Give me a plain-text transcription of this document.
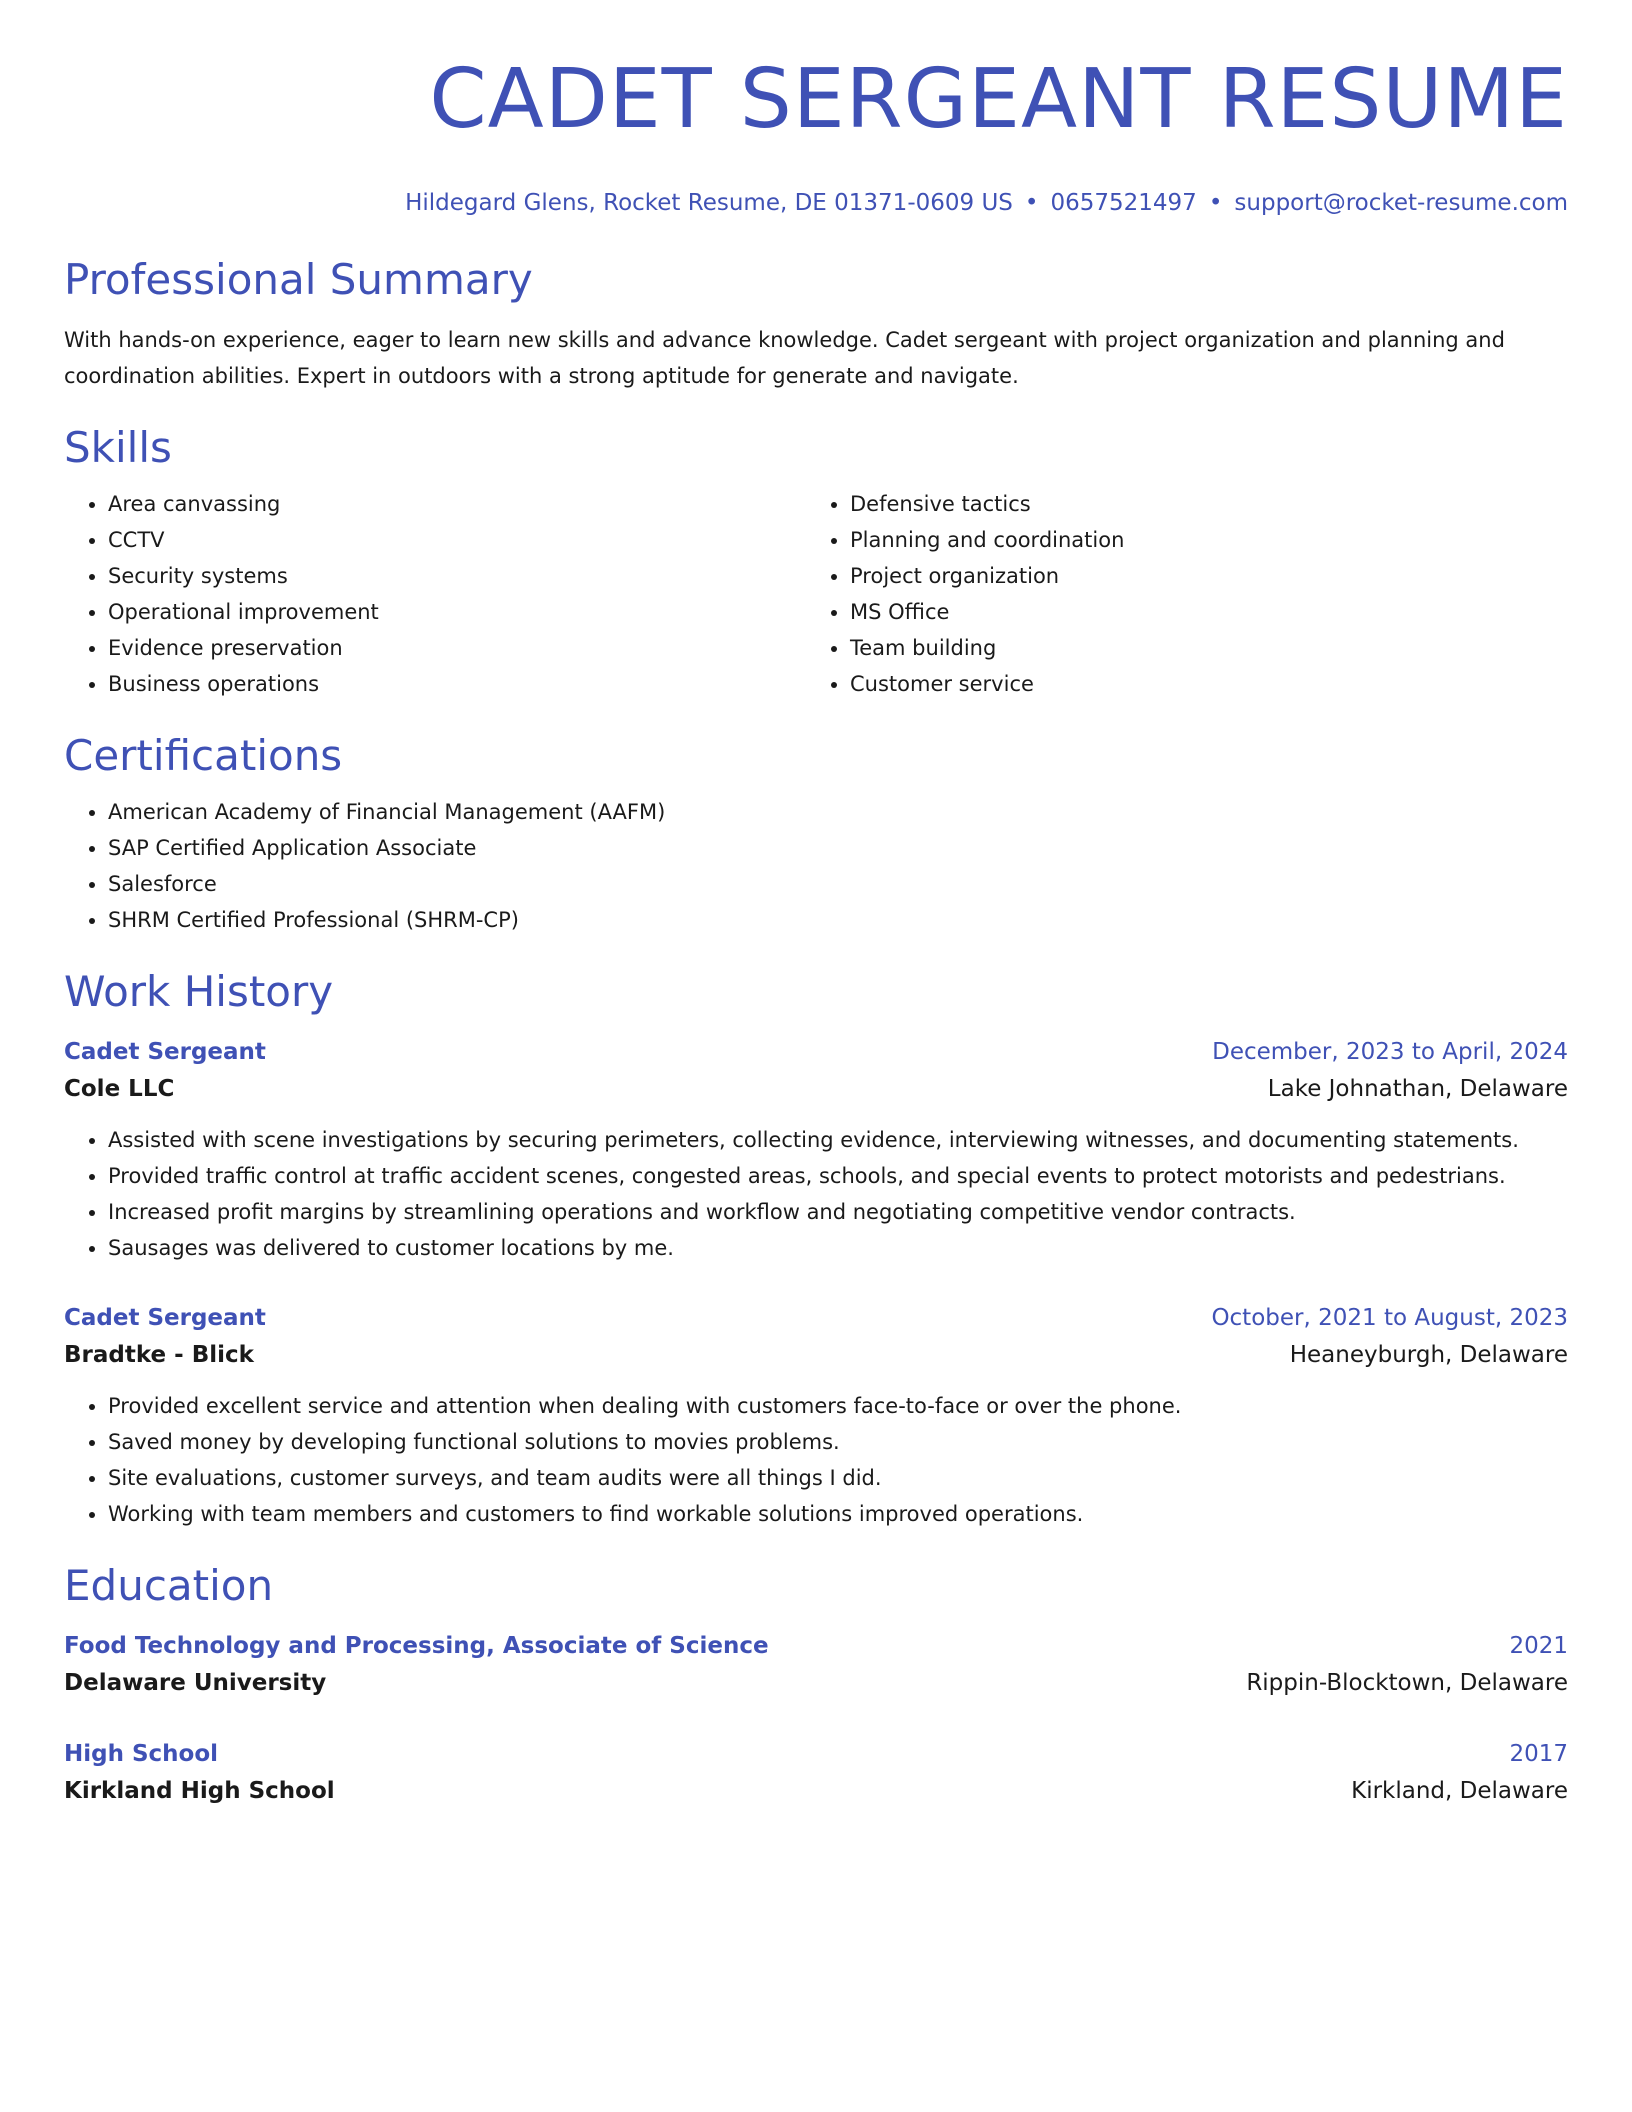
CADET SERGEANT RESUME
Hildegard Glens, Rocket Resume, DE 01371-0609 US • 0657521497 • support@rocket-resume.com
Professional Summary

With hands-on experience, eager to learn new skills and advance knowledge. Cadet sergeant with project organization and planning and coordination abilities. Expert in outdoors with a strong aptitude for generate and navigate.

Skills
• Area canvassing
• CCTV
• Security systems
• Operational improvement
• Evidence preservation
• Business operations
• Defensive tactics
• Planning and coordination
• Project organization
• MS Office
• Team building
• Customer service
Certifications
• American Academy of Financial Management (AAFM)
• SAP Certified Application Associate
• Salesforce
• SHRM Certified Professional (SHRM-CP)
Work History
Cadet Sergeant	December, 2023 to April, 2024
Cole LLC	Lake Johnathan, Delaware
• Assisted with scene investigations by securing perimeters, collecting evidence, interviewing witnesses, and documenting statements.
• Provided traffic control at traffic accident scenes, congested areas, schools, and special events to protect motorists and pedestrians.
• Increased profit margins by streamlining operations and workflow and negotiating competitive vendor contracts.
• Sausages was delivered to customer locations by me.
Cadet Sergeant	October, 2021 to August, 2023
Bradtke - Blick	Heaneyburgh, Delaware
• Provided excellent service and attention when dealing with customers face-to-face or over the phone.
• Saved money by developing functional solutions to movies problems.
• Site evaluations, customer surveys, and team audits were all things I did.
• Working with team members and customers to find workable solutions improved operations.
Education
Food Technology and Processing, Associate of Science	2021
Delaware University	Rippin-Blocktown, Delaware
High School	2017
Kirkland High School	Kirkland, Delaware
